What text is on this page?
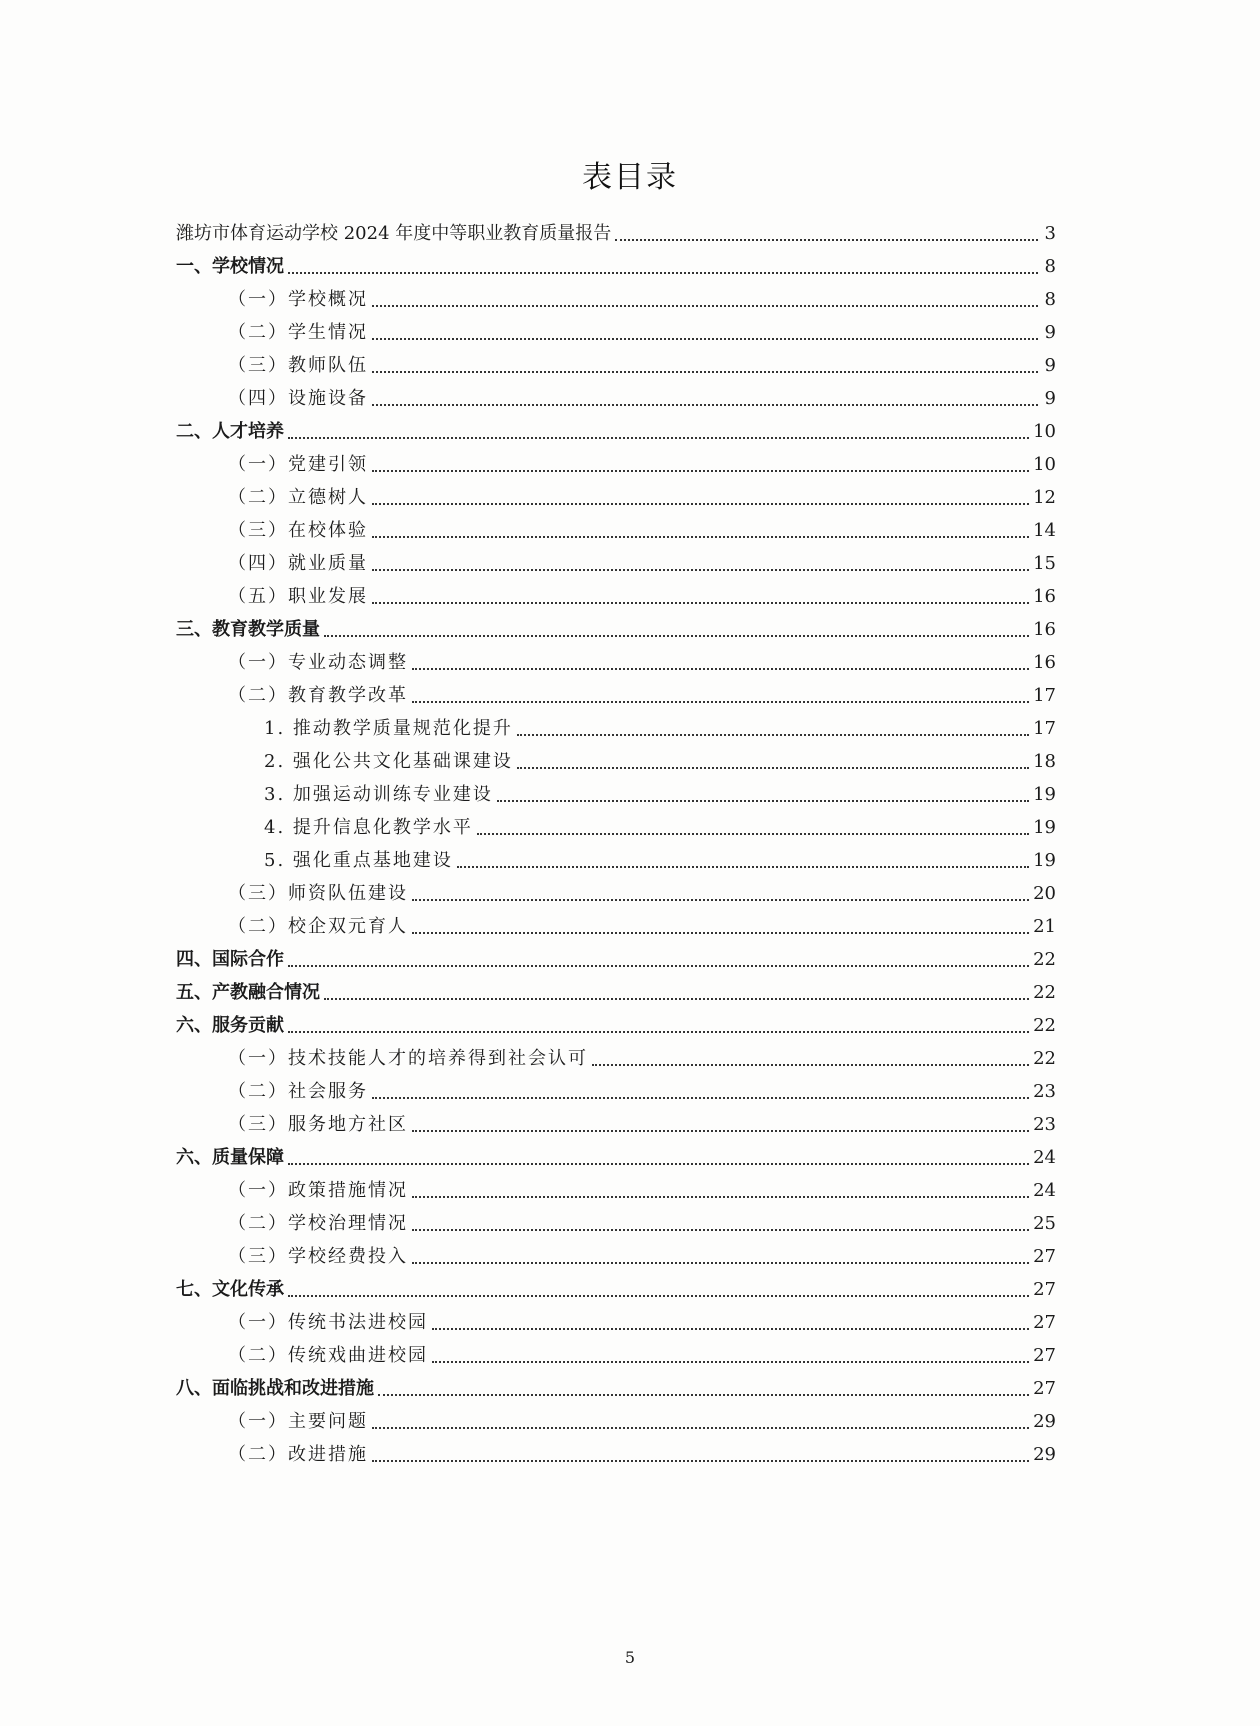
表目录
潍坊市体育运动学校 2024 年度中等职业教育质量报告	3
一、学校情况	8
（一）学校概况	8
（二）学生情况	9
（三）教师队伍	9
（四）设施设备	9
二、人才培养	10
（一）党建引领	10
（二）立德树人	12
（三）在校体验	14
（四）就业质量	15
（五）职业发展	16
三、教育教学质量	16
（一）专业动态调整	16
（二）教育教学改革	17
1. 推动教学质量规范化提升	17
2. 强化公共文化基础课建设	18
3. 加强运动训练专业建设	19
4. 提升信息化教学水平	19
5. 强化重点基地建设	19
（三）师资队伍建设	20
（二）校企双元育人	21
四、国际合作	22
五、产教融合情况	22
六、服务贡献	22
（一）技术技能人才的培养得到社会认可	22
（二）社会服务	23
（三）服务地方社区	23
六、质量保障	24
（一）政策措施情况	24
（二）学校治理情况	25
（三）学校经费投入	27
七、文化传承	27
（一）传统书法进校园	27
（二）传统戏曲进校园	27
八、面临挑战和改进措施	27
（一）主要问题	29
（二）改进措施	29
5
